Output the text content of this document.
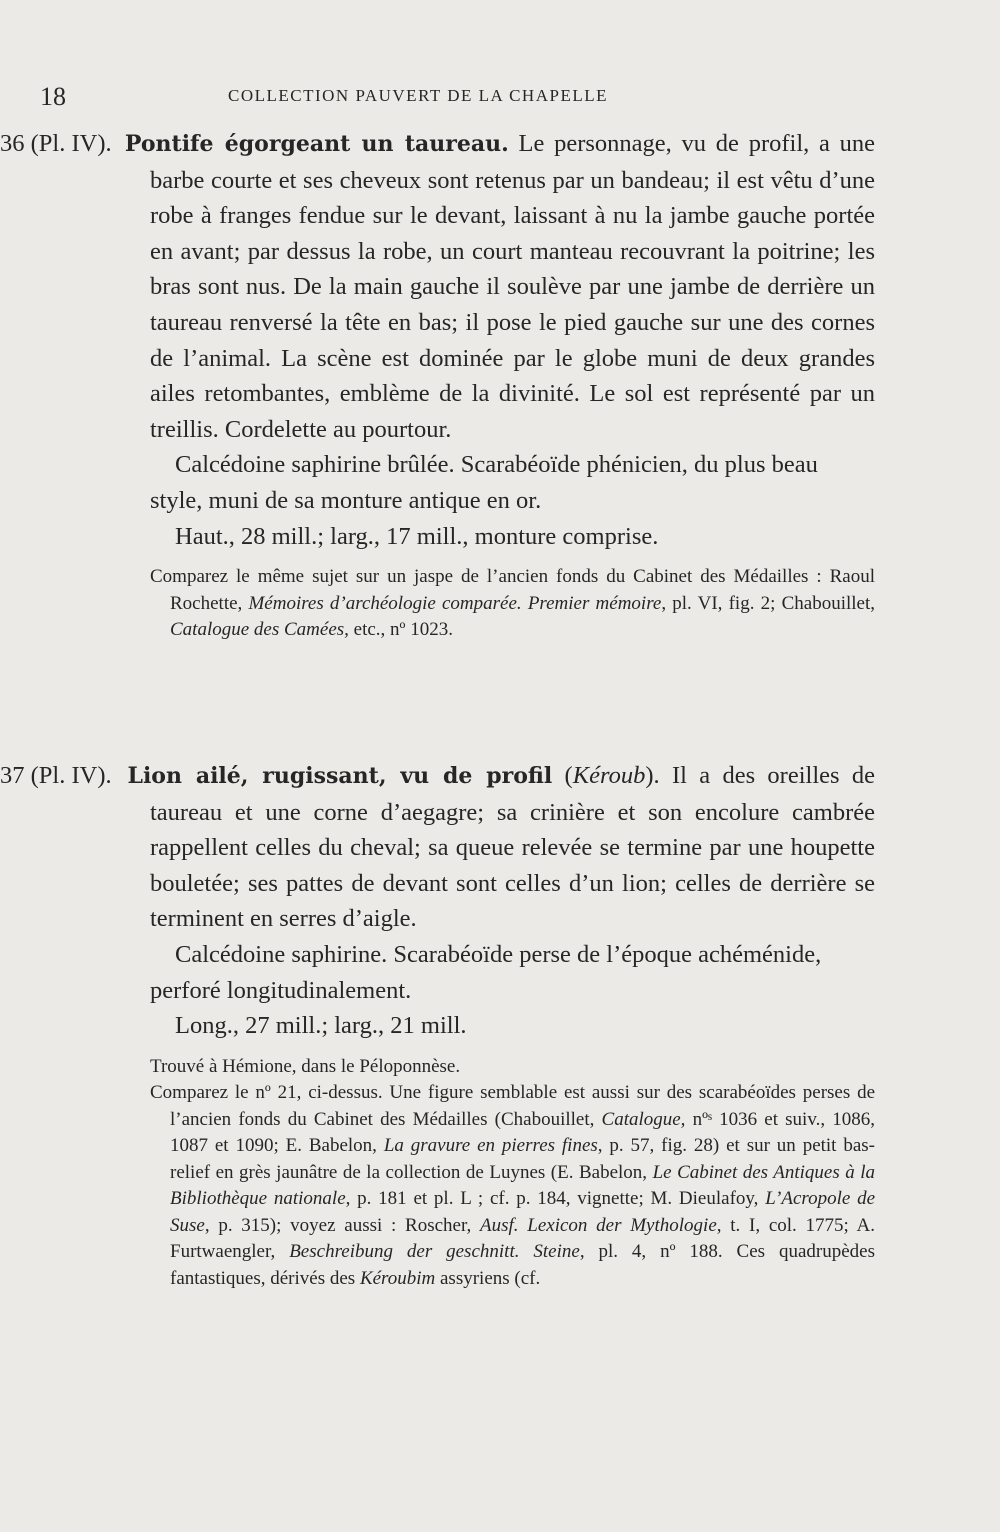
18	COLLECTION PAUVERT DE LA CHAPELLE

36 (Pl. IV). Pontife égorgeant un taureau. Le personnage, vu de profil, a une barbe courte et ses cheveux sont retenus par un bandeau; il est vêtu d’une robe à franges fendue sur le devant, laissant à nu la jambe gauche portée en avant; par dessus la robe, un court manteau recouvrant la poitrine; les bras sont nus. De la main gauche il soulève par une jambe de derrière un taureau renversé la tête en bas; il pose le pied gauche sur une des cornes de l’animal. La scène est dominée par le globe muni de deux grandes ailes retombantes, emblème de la divinité. Le sol est représenté par un treillis. Cordelette au pourtour.

Calcédoine saphirine brûlée. Scarabéoïde phénicien, du plus beau style, muni de sa monture antique en or.

Haut., 28 mill.; larg., 17 mill., monture comprise.

Comparez le même sujet sur un jaspe de l’ancien fonds du Cabinet des Médailles : Raoul Rochette, Mémoires d’archéologie comparée. Premier mémoire, pl. VI, fig. 2; Chabouillet, Catalogue des Camées, etc., nº 1023.

37 (Pl. IV). Lion ailé, rugissant, vu de profil (Kéroub). Il a des oreilles de taureau et une corne d’aegagre; sa crinière et son encolure cambrée rappellent celles du cheval; sa queue relevée se termine par une houpette bouletée; ses pattes de devant sont celles d’un lion; celles de derrière se terminent en serres d’aigle.

Calcédoine saphirine. Scarabéoïde perse de l’époque achéménide, perforé longitudinalement.

Long., 27 mill.; larg., 21 mill.

Trouvé à Hémione, dans le Péloponnèse.

Comparez le nº 21, ci-dessus. Une figure semblable est aussi sur des scarabéoïdes perses de l’ancien fonds du Cabinet des Médailles (Chabouillet, Catalogue, nºˢ 1036 et suiv., 1086, 1087 et 1090; E. Babelon, La gravure en pierres fines, p. 57, fig. 28) et sur un petit bas-relief en grès jaunâtre de la collection de Luynes (E. Babelon, Le Cabinet des Antiques à la Bibliothèque nationale, p. 181 et pl. L ; cf. p. 184, vignette; M. Dieulafoy, L’Acropole de Suse, p. 315); voyez aussi : Roscher, Ausf. Lexicon der Mythologie, t. I, col. 1775; A. Furtwaengler, Beschreibung der geschnitt. Steine, pl. 4, nº 188. Ces quadrupèdes fantastiques, dérivés des Kéroubim assyriens (cf.
